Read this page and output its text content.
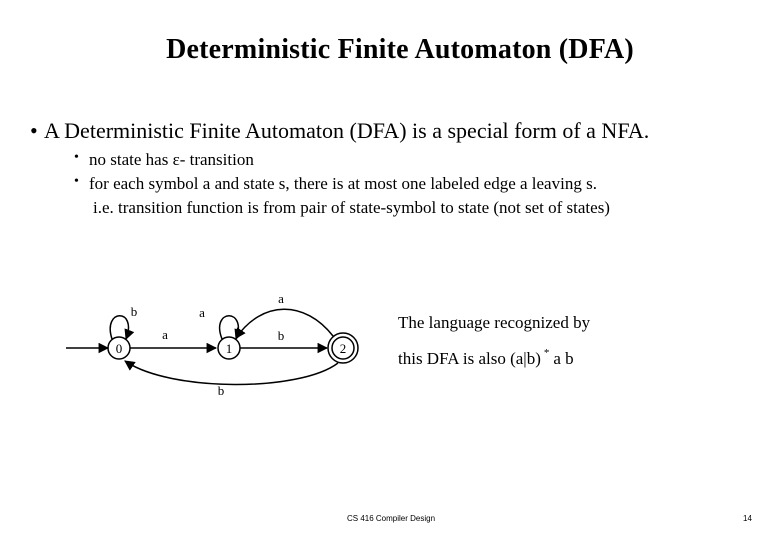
Deterministic Finite Automaton (DFA)
• A Deterministic Finite Automaton (DFA) is a special form of a NFA.
• no state has ε- transition
• for each symbol a and state s, there is at most one labeled edge a leaving s.
i.e. transition function is from pair of state-symbol to state (not set of states)
0	1	2
b	a
a	b
a
b
The language recognized by
this DFA is also (a|b) * a b
CS 416 Compiler Design	14
